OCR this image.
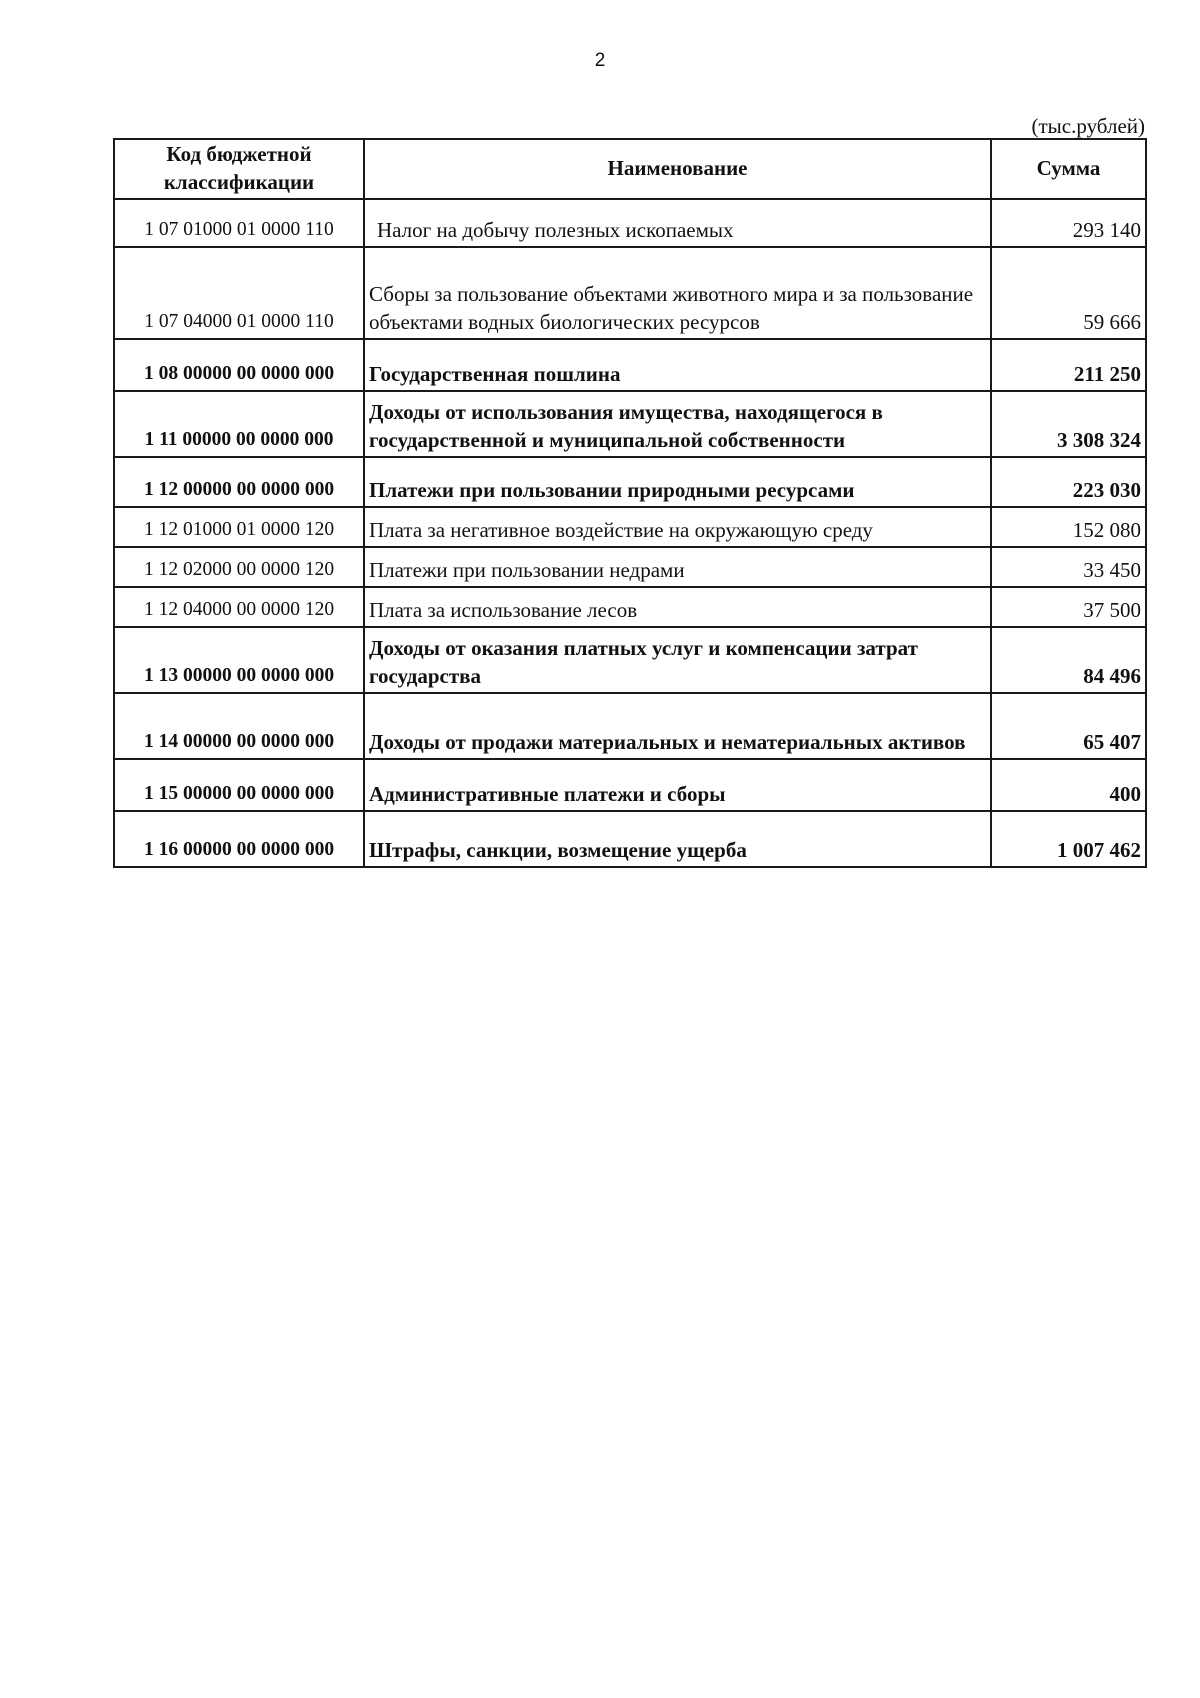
2
(тыс.рублей)
Код бюджетной классификации	Наименование	Сумма
1 07 01000 01 0000 110	Налог на добычу полезных ископаемых	293 140
1 07 04000 01 0000 110	Сборы за пользование объектами животного мира и за пользование объектами водных биологических ресурсов	59 666
1 08 00000 00 0000 000	Государственная пошлина	211 250
1 11 00000 00 0000 000	Доходы от использования имущества, находящегося в государственной и муниципальной собственности	3 308 324
1 12 00000 00 0000 000	Платежи при пользовании природными ресурсами	223 030
1 12 01000 01 0000 120	Плата за негативное воздействие на окружающую среду	152 080
1 12 02000 00 0000 120	Платежи при пользовании недрами	33 450
1 12 04000 00 0000 120	Плата за использование лесов	37 500
1 13 00000 00 0000 000	Доходы от оказания платных услуг и компенсации затрат государства	84 496
1 14 00000 00 0000 000	Доходы от продажи материальных и нематериальных активов	65 407
1 15 00000 00 0000 000	Административные платежи и сборы	400
1 16 00000 00 0000 000	Штрафы, санкции, возмещение ущерба	1 007 462
